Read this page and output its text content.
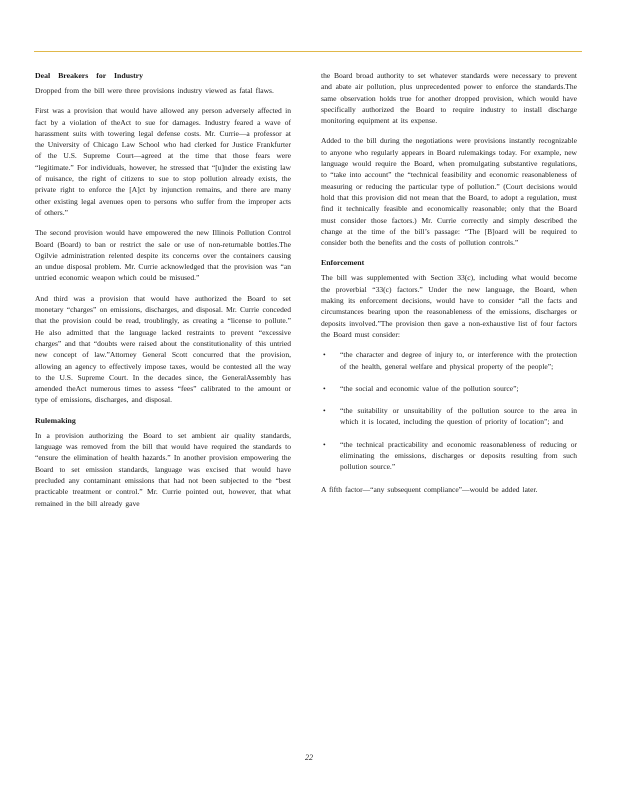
Deal Breakers for Industry

Dropped from the bill were three provisions industry viewed as fatal flaws.

First was a provision that would have allowed any person adversely affected in fact by a violation of theAct to sue for damages. Industry feared a wave of harassment suits with towering legal defense costs. Mr. Currie—a professor at the University of Chicago Law School who had clerked for Justice Frankfurter of the U.S. Supreme Court—agreed at the time that those fears were “legitimate.” For individuals, however, he stressed that “[u]nder the existing law of nuisance, the right of citizens to sue to stop pollution already exists, the private right to enforce the [A]ct by injunction remains, and there are many other existing legal avenues open to persons who suffer from the improper acts of others.”

The second provision would have empowered the new Illinois Pollution Control Board (Board) to ban or restrict the sale or use of non-returnable bottles.The Ogilvie administration relented despite its concerns over the containers causing an undue disposal problem. Mr. Currie acknowledged that the provision was “an untried economic weapon which could be misused.”

And third was a provision that would have authorized the Board to set monetary “charges” on emissions, discharges, and disposal. Mr. Currie conceded that the provision could be read, troublingly, as creating a “license to pollute.” He also admitted that the language lacked restraints to prevent “excessive charges” and that “doubts were raised about the constitutionality of this untried new concept of law.”Attorney General Scott concurred that the provision, allowing an agency to effectively impose taxes, would be contested all the way to the U.S. Supreme Court. In the decades since, the GeneralAssembly has amended theAct numerous times to assess “fees” calibrated to the amount or type of emissions, discharges, and disposal.

Rulemaking

In a provision authorizing the Board to set ambient air quality standards, language was removed from the bill that would have required the standards to “ensure the elimination of health hazards.” In another provision empowering the Board to set emission standards, language was excised that would have precluded any contaminant emissions that had not been subjected to the “best practicable treatment or control.” Mr. Currie pointed out, however, that what remained in the bill already gave

the Board broad authority to set whatever standards were necessary to prevent and abate air pollution, plus unprecedented power to enforce the standards.The same observation holds true for another dropped provision, which would have specifically authorized the Board to require industry to install discharge monitoring equipment at its expense.

Added to the bill during the negotiations were provisions instantly recognizable to anyone who regularly appears in Board rulemakings today. For example, new language would require the Board, when promulgating substantive regulations, to “take into account” the “technical feasibility and economic reasonableness of measuring or reducing the particular type of pollution.” (Court decisions would hold that this provision did not mean that the Board, to adopt a regulation, must find it technically feasible and economically reasonable; only that the Board must consider those factors.) Mr. Currie correctly and simply described the change at the time of the bill’s passage: “The [B]oard will be required to consider both the benefits and the costs of pollution controls.”

Enforcement

The bill was supplemented with Section 33(c), including what would become the proverbial “33(c) factors.” Under the new language, the Board, when making its enforcement decisions, would have to consider “all the facts and circumstances bearing upon the reasonableness of the emissions, discharges or deposits involved.”The provision then gave a non-exhaustive list of four factors the Board must consider:

• “the character and degree of injury to, or interference with the protection of the health, general welfare and physical property of the people”;
• “the social and economic value of the pollution source”;
• “the suitability or unsuitability of the pollution source to the area in which it is located, including the question of priority of location”; and
• “the technical practicability and economic reasonableness of reducing or eliminating the emissions, discharges or deposits resulting from such pollution source.”

A fifth factor—“any subsequent compliance”—would be added later.

22
